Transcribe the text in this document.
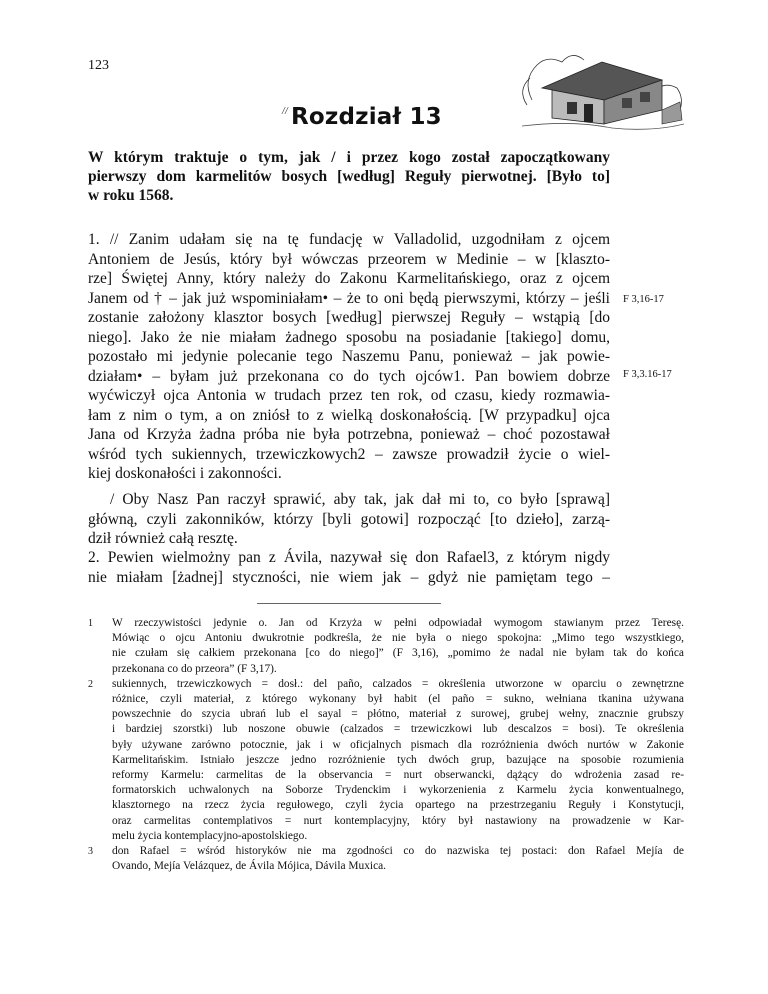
123
// Rozdział 13
W którym traktuje o tym, jak / i przez kogo został zapoczątkowany
pierwszy dom karmelitów bosych [według] Reguły pierwotnej. [Było to]
w roku 1568.
1. // Zanim udałam się na tę fundację w Valladolid, uzgodniłam z ojcem
Antoniem de Jesús, który był wówczas przeorem w Medinie – w [klaszto-
rze] Świętej Anny, który należy do Zakonu Karmelitańskiego, oraz z ojcem
Janem od † – jak już wspominiałam• – że to oni będą pierwszymi, którzy – jeśli
zostanie założony klasztor bosych [według] pierwszej Reguły – wstąpią [do
niego]. Jako że nie miałam żadnego sposobu na posiadanie [takiego] domu,
pozostało mi jedynie polecanie tego Naszemu Panu, ponieważ – jak powie-
działam• – byłam już przekonana co do tych ojców1. Pan bowiem dobrze
wyćwiczył ojca Antonia w trudach przez ten rok, od czasu, kiedy rozmawia-
łam z nim o tym, a on zniósł to z wielką doskonałością. [W przypadku] ojca
Jana od Krzyża żadna próba nie była potrzebna, ponieważ – choć pozostawał
wśród tych sukiennych, trzewiczkowych2 – zawsze prowadził życie o wiel-
kiej doskonałości i zakonności.
/ Oby Nasz Pan raczył sprawić, aby tak, jak dał mi to, co było [sprawą]
główną, czyli zakonników, którzy [byli gotowi] rozpocząć [to dzieło], zarzą-
dził również całą resztę.
2. Pewien wielmożny pan z Ávila, nazywał się don Rafael3, z którym nigdy
nie miałam [żadnej] styczności, nie wiem jak – gdyż nie pamiętam tego –
F 3,16-17
F 3,3.16-17
1 W rzeczywistości jedynie o. Jan od Krzyża w pełni odpowiadał wymogom stawianym przez Teresę.
Mówiąc o ojcu Antoniu dwukrotnie podkreśla, że nie była o niego spokojna: „Mimo tego wszystkiego,
nie czułam się całkiem przekonana [co do niego]” (F 3,16), „pomimo że nadal nie byłam tak do końca
przekonana co do przeora” (F 3,17).
2 sukiennych, trzewiczkowych = dosł.: del paño, calzados = określenia utworzone w oparciu o zewnętrzne
różnice, czyli materiał, z którego wykonany był habit (el paño = sukno, wełniana tkanina używana
powszechnie do szycia ubrań lub el sayal = płótno, materiał z surowej, grubej wełny, znacznie grubszy
i bardziej szorstki) lub noszone obuwie (calzados = trzewiczkowi lub descalzos = bosi). Te określenia
były używane zarówno potocznie, jak i w oficjalnych pismach dla rozróżnienia dwóch nurtów w Zakonie
Karmelitańskim. Istniało jeszcze jedno rozróżnienie tych dwóch grup, bazujące na sposobie rozumienia
reformy Karmelu: carmelitas de la observancia = nurt obserwancki, dążący do wdrożenia zasad re-
formatorskich uchwalonych na Soborze Trydenckim i wykorzenienia z Karmelu życia konwentualnego,
klasztornego na rzecz życia regułowego, czyli życia opartego na przestrzeganiu Reguły i Konstytucji,
oraz carmelitas contemplativos = nurt kontemplacyjny, który był nastawiony na prowadzenie w Kar-
melu życia kontemplacyjno-apostolskiego.
3 don Rafael = wśród historyków nie ma zgodności co do nazwiska tej postaci: don Rafael Mejía de
Ovando, Mejía Velázquez, de Ávila Mójica, Dávila Muxica.
